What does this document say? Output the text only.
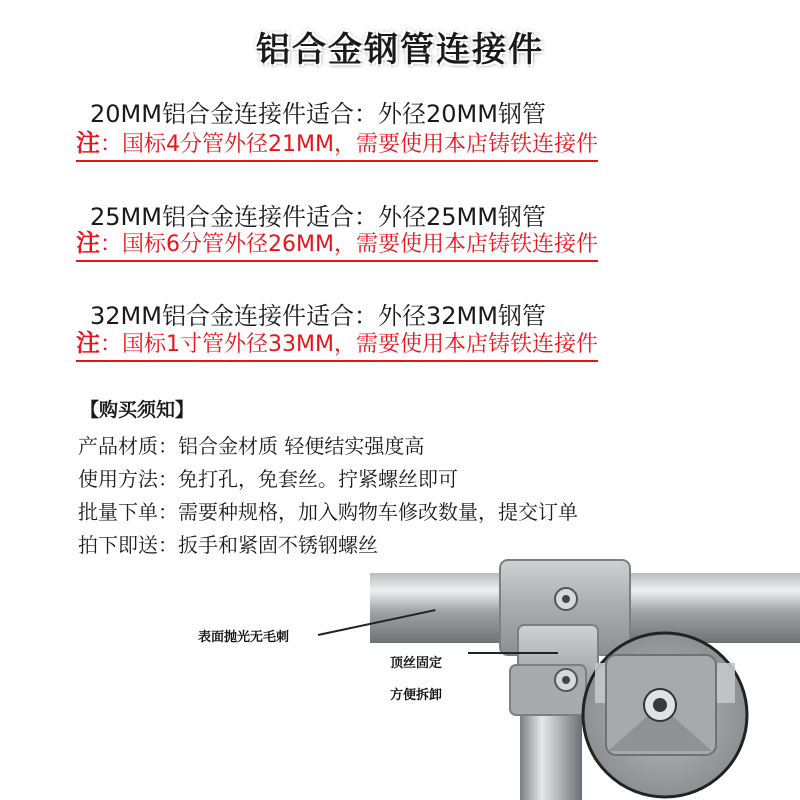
铝合金钢管连接件
20MM铝合金连接件适合：外径20MM钢管
注：国标4分管外径21MM，需要使用本店铸铁连接件
25MM铝合金连接件适合：外径25MM钢管
注：国标6分管外径26MM，需要使用本店铸铁连接件
32MM铝合金连接件适合：外径32MM钢管
注：国标1寸管外径33MM，需要使用本店铸铁连接件
【购买须知】
产品材质：铝合金材质 轻便结实强度高
使用方法：免打孔，免套丝。拧紧螺丝即可
批量下单：需要种规格，加入购物车修改数量，提交订单
拍下即送：扳手和紧固不锈钢螺丝
表面抛光无毛刺
顶丝固定
方便拆卸
